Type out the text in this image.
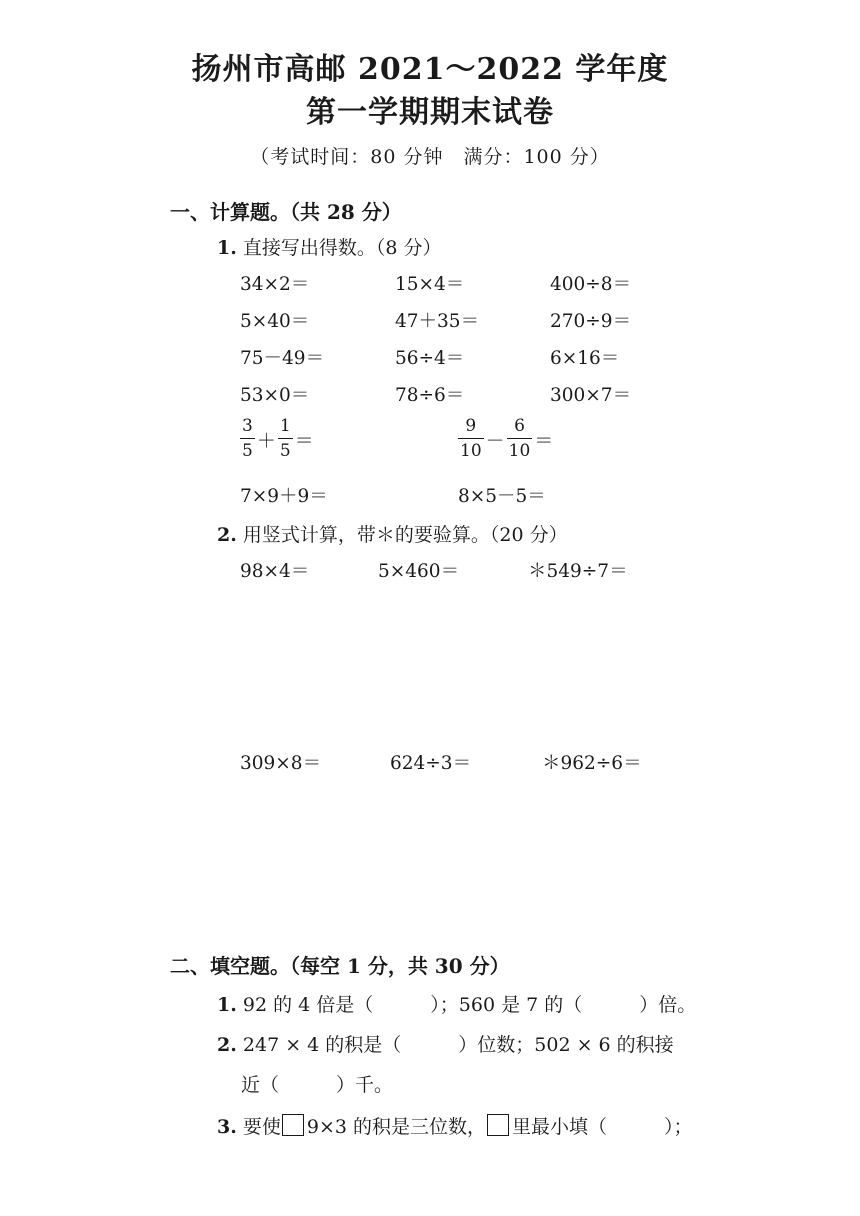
扬州市高邮 2021～2022 学年度
第一学期期末试卷
（考试时间：80 分钟　满分：100 分）
一、计算题。（共 28 分）
1. 直接写出得数。（8 分）
34×2＝	15×4＝	400÷8＝
5×40＝	47＋35＝	270÷9＝
75－49＝	56÷4＝	6×16＝
53×0＝	78÷6＝	300×7＝
$\frac{3}{5} + \frac{1}{5}$ ＝	$\frac{9}{10} - \frac{6}{10}$ ＝
7×9＋9＝	8×5－5＝
2. 用竖式计算，带＊的要验算。（20 分）
98×4＝	5×460＝	＊549÷7＝
309×8＝	624÷3＝	＊962÷6＝
二、填空题。（每空 1 分，共 30 分）
1. 92 的 4 倍是（　　　）；560 是 7 的（　　　）倍。
2. 247 × 4 的积是（　　　）位数；502 × 6 的积接
近（　　　）千。
3. 要使 9×3 的积是三位数， 里最小填（　　　）；
